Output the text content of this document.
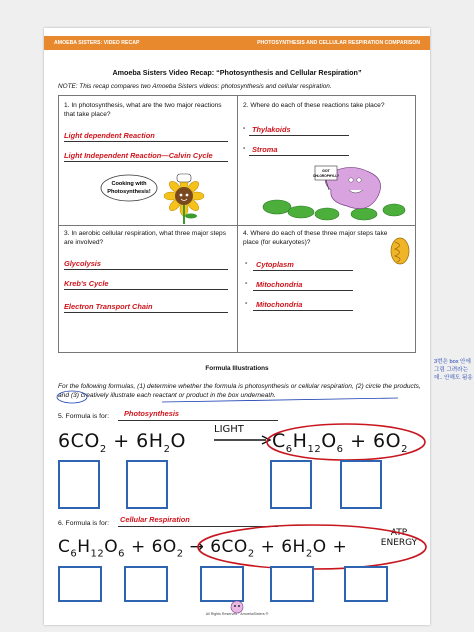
AMOEBA SISTERS: VIDEO RECAP	PHOTOSYNTHESIS AND CELLULAR RESPIRATION COMPARISON
Amoeba Sisters Video Recap: “Photosynthesis and Cellular Respiration”
NOTE: This recap compares two Amoeba Sisters videos: photosynthesis and cellular respiration.
1. In photosynthesis, what are the two major reactions that take place?
Light dependent Reaction
Light Independent Reaction—Calvin Cycle
Cooking with
Photosynthesis!
2. Where do each of these reactions take place?
- Thylakoids
- Stroma
GOT
CHLOROPHYLL?
3. In aerobic cellular respiration, what three major steps are involved?
Glycolysis
Kreb's Cycle
Electron Transport Chain
4. Where do each of these three major steps take place (for eukaryotes)?
- Cytoplasm
- Mitochondria
- Mitochondria
Formula Illustrations
For the following formulas, (1) determine whether the formula is photosynthesis or cellular respiration, (2) circle the products, and (3) creatively illustrate each reactant or product in the box underneath.
5. Formula is for: Photosynthesis
$6CO_2 + 6H_2O$
LIGHT
→ $C_6H_{12}O_6 + 6O_2$
6. Formula is for: Cellular Respiration
$C_6H_{12}O_6 + 6O_2 \to 6CO_2 + 6H_2O$ +
ATP
ENERGY
All Rights Reserved · AmoebaSisters ®
3번은 box 안에 그림 그려라는데.. 안해도 됨옹
